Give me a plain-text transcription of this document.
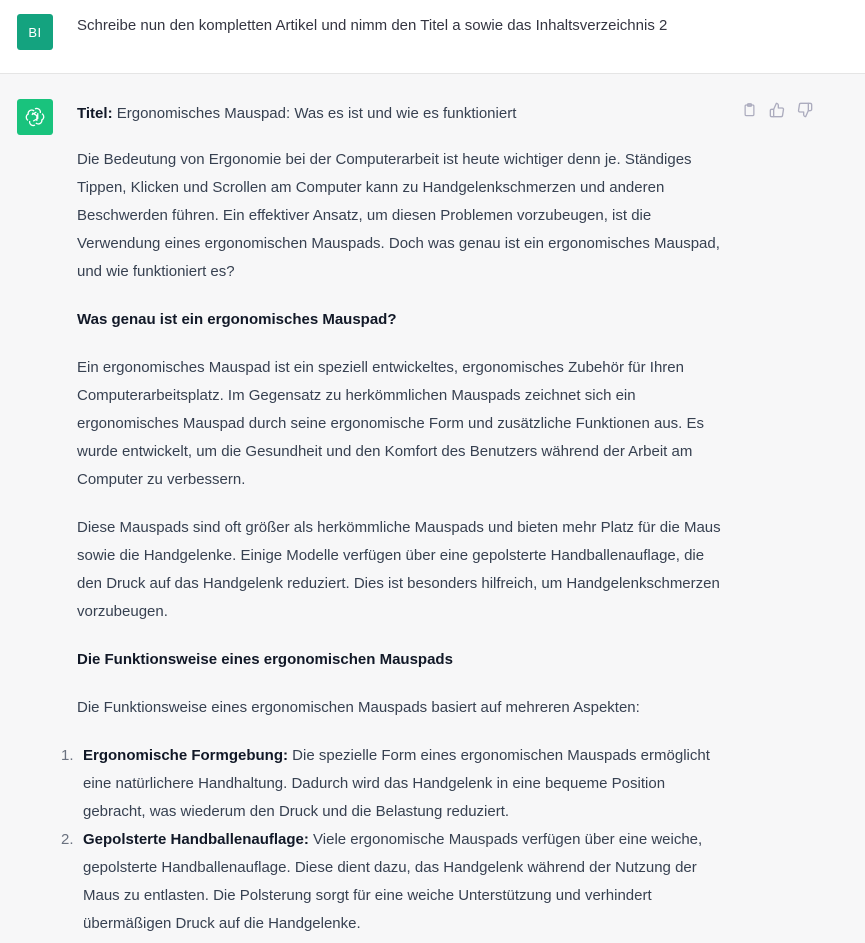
BI Schreibe nun den kompletten Artikel und nimm den Titel a sowie das Inhaltsverzeichnis 2

Titel: Ergonomisches Mauspad: Was es ist und wie es funktioniert

Die Bedeutung von Ergonomie bei der Computerarbeit ist heute wichtiger denn je. Ständiges Tippen, Klicken und Scrollen am Computer kann zu Handgelenkschmerzen und anderen Beschwerden führen. Ein effektiver Ansatz, um diesen Problemen vorzubeugen, ist die Verwendung eines ergonomischen Mauspads. Doch was genau ist ein ergonomisches Mauspad, und wie funktioniert es?

Was genau ist ein ergonomisches Mauspad?

Ein ergonomisches Mauspad ist ein speziell entwickeltes, ergonomisches Zubehör für Ihren Computerarbeitsplatz. Im Gegensatz zu herkömmlichen Mauspads zeichnet sich ein ergonomisches Mauspad durch seine ergonomische Form und zusätzliche Funktionen aus. Es wurde entwickelt, um die Gesundheit und den Komfort des Benutzers während der Arbeit am Computer zu verbessern.

Diese Mauspads sind oft größer als herkömmliche Mauspads und bieten mehr Platz für die Maus sowie die Handgelenke. Einige Modelle verfügen über eine gepolsterte Handballenauflage, die den Druck auf das Handgelenk reduziert. Dies ist besonders hilfreich, um Handgelenkschmerzen vorzubeugen.

Die Funktionsweise eines ergonomischen Mauspads

Die Funktionsweise eines ergonomischen Mauspads basiert auf mehreren Aspekten:

1. Ergonomische Formgebung: Die spezielle Form eines ergonomischen Mauspads ermöglicht eine natürlichere Handhaltung. Dadurch wird das Handgelenk in eine bequeme Position gebracht, was wiederum den Druck und die Belastung reduziert.
2. Gepolsterte Handballenauflage: Viele ergonomische Mauspads verfügen über eine weiche, gepolsterte Handballenauflage. Diese dient dazu, das Handgelenk während der Nutzung der Maus zu entlasten. Die Polsterung sorgt für eine weiche Unterstützung und verhindert übermäßigen Druck auf die Handgelenke.
